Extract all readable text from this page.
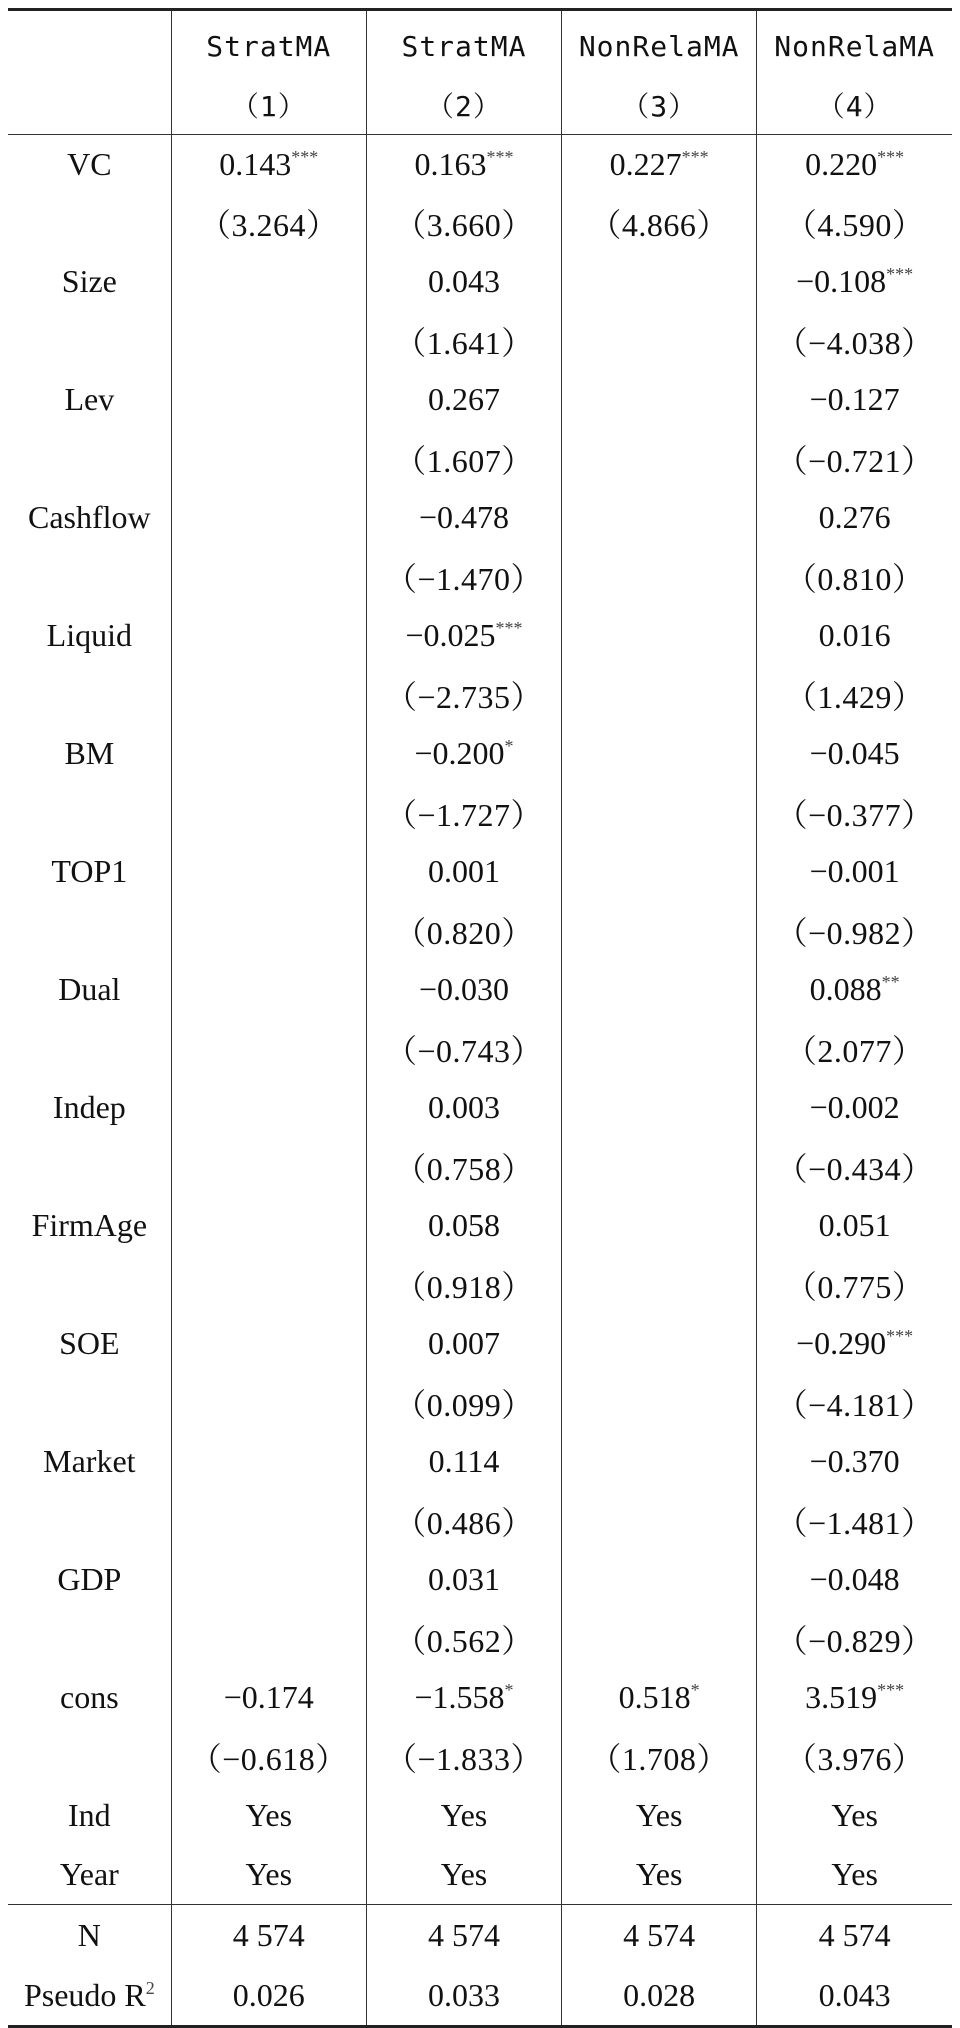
	StratMA	StratMA	NonRelaMA	NonRelaMA
	（1）	（2）	（3）	（4）
VC	0.143***	0.163***	0.227***	0.220***
	（3.264）	（3.660）	（4.866）	（4.590）
Size		0.043		−0.108***
		（1.641）		（−4.038）
Lev		0.267		−0.127
		（1.607）		（−0.721）
Cashflow		−0.478		0.276
		（−1.470）		（0.810）
Liquid		−0.025***		0.016
		（−2.735）		（1.429）
BM		−0.200*		−0.045
		（−1.727）		（−0.377）
TOP1		0.001		−0.001
		（0.820）		（−0.982）
Dual		−0.030		0.088**
		（−0.743）		（2.077）
Indep		0.003		−0.002
		（0.758）		（−0.434）
FirmAge		0.058		0.051
		（0.918）		（0.775）
SOE		0.007		−0.290***
		（0.099）		（−4.181）
Market		0.114		−0.370
		（0.486）		（−1.481）
GDP		0.031		−0.048
		（0.562）		（−0.829）
cons	−0.174	−1.558*	0.518*	3.519***
	（−0.618）	（−1.833）	（1.708）	（3.976）
Ind	Yes	Yes	Yes	Yes
Year	Yes	Yes	Yes	Yes
N	4 574	4 574	4 574	4 574
Pseudo $R^2$	0.026	0.033	0.028	0.043
